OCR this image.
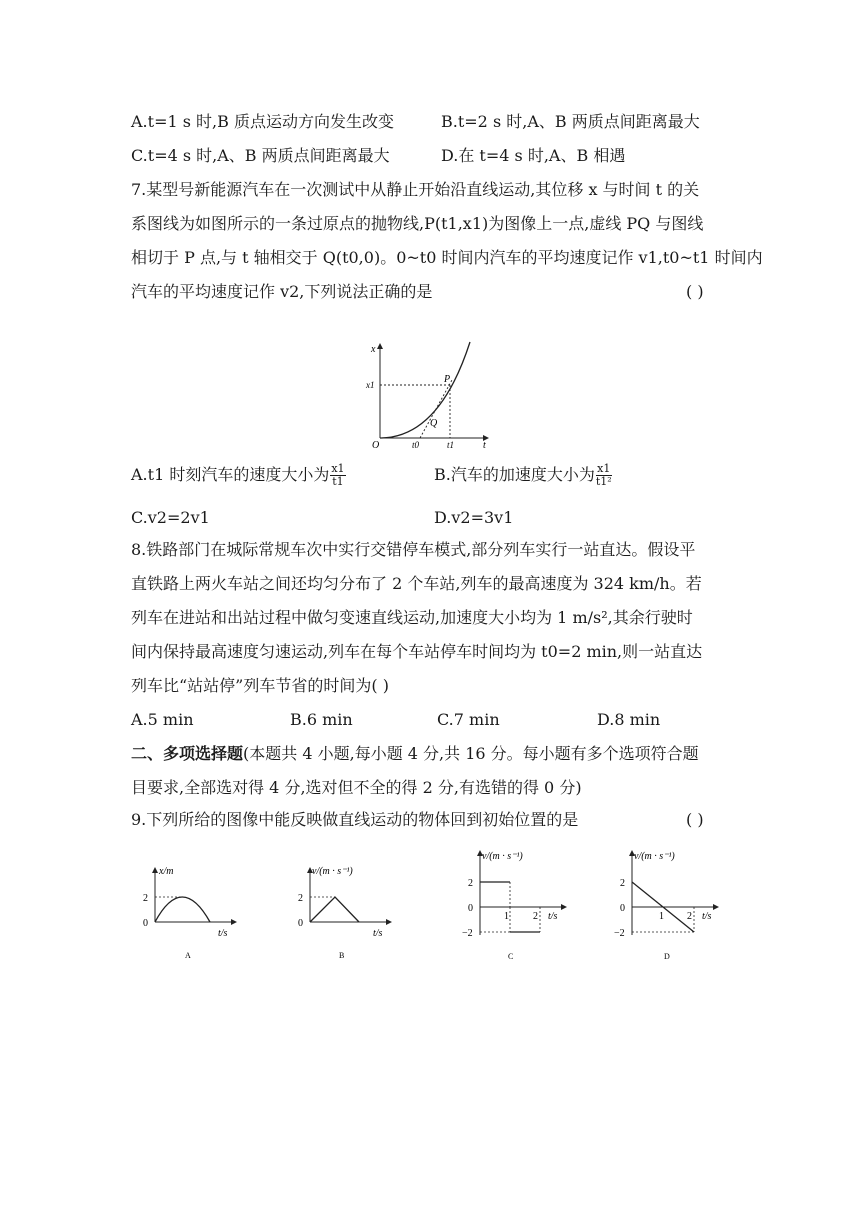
A.t=1 s 时,B 质点运动方向发生改变	B.t=2 s 时,A、B 两质点间距离最大
C.t=4 s 时,A、B 两质点间距离最大	D.在 t=4 s 时,A、B 相遇
7.某型号新能源汽车在一次测试中从静止开始沿直线运动,其位移 x 与时间 t 的关
系图线为如图所示的一条过原点的抛物线,P(t1,x1)为图像上一点,虚线 PQ 与图线
相切于 P 点,与 t 轴相交于 Q(t0,0)。0~t0 时间内汽车的平均速度记作 v1,t0~t1 时间内
汽车的平均速度记作 v2,下列说法正确的是	( )
x
x1
O	t0	t1	t
P
Q
A.t1 时刻汽车的速度大小为 $\frac{x1}{t1}$	B.汽车的加速度大小为 $\frac{x1}{\text{t1²}}$
C.v2=2v1	D.v2=3v1
8.铁路部门在城际常规车次中实行交错停车模式,部分列车实行一站直达。假设平
直铁路上两火车站之间还均匀分布了 2 个车站,列车的最高速度为 324 km/h。若
列车在进站和出站过程中做匀变速直线运动,加速度大小均为 1 m/s²,其余行驶时
间内保持最高速度匀速运动,列车在每个车站停车时间均为 t0=2 min,则一站直达
列车比“站站停”列车节省的时间为( )
A.5 min	B.6 min	C.7 min	D.8 min
二、多项选择题(本题共 4 小题,每小题 4 分,共 16 分。每小题有多个选项符合题
目要求,全部选对得 4 分,选对但不全的得 2 分,有选错的得 0 分)
9.下列所给的图像中能反映做直线运动的物体回到初始位置的是	( )
x/m
2
0
t/s
A
v/(m · s⁻¹)
2
0
t/s
B
v/(m · s⁻¹)
2
0
−2
1 2 t/s
C
v/(m · s⁻¹)
2
0
−2
1 2 t/s
D
